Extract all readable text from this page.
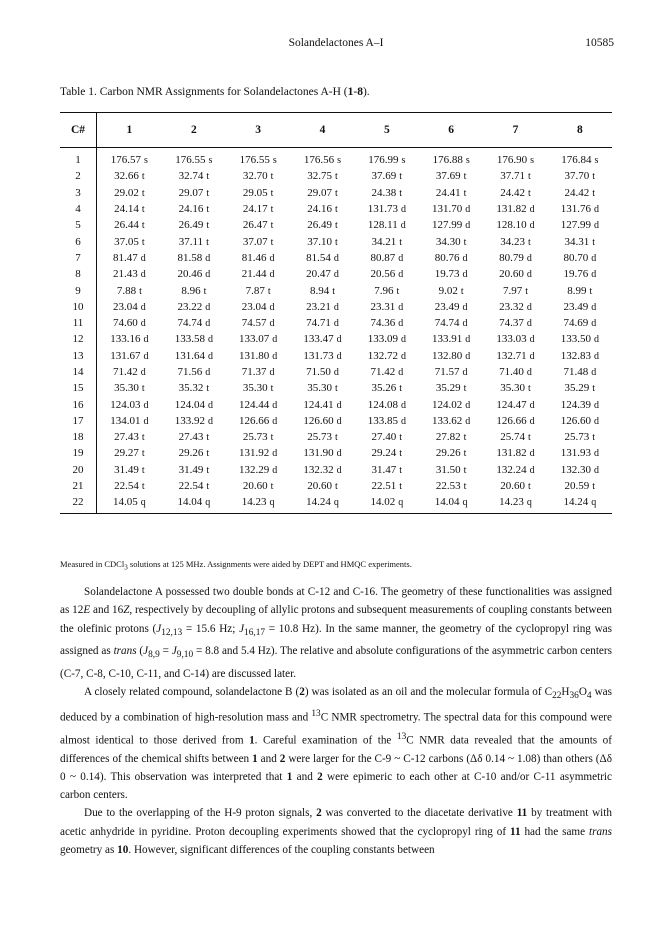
Solandelactones A–I	10585
Table 1. Carbon NMR Assignments for Solandelactones A-H (1-8).
C#	1	2	3	4	5	6	7	8
1	176.57 s	176.55 s	176.55 s	176.56 s	176.99 s	176.88 s	176.90 s	176.84 s
2	32.66 t	32.74 t	32.70 t	32.75 t	37.69 t	37.69 t	37.71 t	37.70 t
3	29.02 t	29.07 t	29.05 t	29.07 t	24.38 t	24.41 t	24.42 t	24.42 t
4	24.14 t	24.16 t	24.17 t	24.16 t	131.73 d	131.70 d	131.82 d	131.76 d
5	26.44 t	26.49 t	26.47 t	26.49 t	128.11 d	127.99 d	128.10 d	127.99 d
6	37.05 t	37.11 t	37.07 t	37.10 t	34.21 t	34.30 t	34.23 t	34.31 t
7	81.47 d	81.58 d	81.46 d	81.54 d	80.87 d	80.76 d	80.79 d	80.70 d
8	21.43 d	20.46 d	21.44 d	20.47 d	20.56 d	19.73 d	20.60 d	19.76 d
9	7.88 t	8.96 t	7.87 t	8.94 t	7.96 t	9.02 t	7.97 t	8.99 t
10	23.04 d	23.22 d	23.04 d	23.21 d	23.31 d	23.49 d	23.32 d	23.49 d
11	74.60 d	74.74 d	74.57 d	74.71 d	74.36 d	74.74 d	74.37 d	74.69 d
12	133.16 d	133.58 d	133.07 d	133.47 d	133.09 d	133.91 d	133.03 d	133.50 d
13	131.67 d	131.64 d	131.80 d	131.73 d	132.72 d	132.80 d	132.71 d	132.83 d
14	71.42 d	71.56 d	71.37 d	71.50 d	71.42 d	71.57 d	71.40 d	71.48 d
15	35.30 t	35.32 t	35.30 t	35.30 t	35.26 t	35.29 t	35.30 t	35.29 t
16	124.03 d	124.04 d	124.44 d	124.41 d	124.08 d	124.02 d	124.47 d	124.39 d
17	134.01 d	133.92 d	126.66 d	126.60 d	133.85 d	133.62 d	126.66 d	126.60 d
18	27.43 t	27.43 t	25.73 t	25.73 t	27.40 t	27.82 t	25.74 t	25.73 t
19	29.27 t	29.26 t	131.92 d	131.90 d	29.24 t	29.26 t	131.82 d	131.93 d
20	31.49 t	31.49 t	132.29 d	132.32 d	31.47 t	31.50 t	132.24 d	132.30 d
21	22.54 t	22.54 t	20.60 t	20.60 t	22.51 t	22.53 t	20.60 t	20.59 t
22	14.05 q	14.04 q	14.23 q	14.24 q	14.02 q	14.04 q	14.23 q	14.24 q
Measured in CDCl$_3$ solutions at 125 MHz. Assignments were aided by DEPT and HMQC experiments.

Solandelactone A possessed two double bonds at C-12 and C-16. The geometry of these functionalities was assigned as 12E and 16Z, respectively by decoupling of allylic protons and subsequent measurements of coupling constants between the olefinic protons ($J_{12,13} = 15.6$ Hz; $J_{16,17} = 10.8$ Hz). In the same manner, the geometry of the cyclopropyl ring was assigned as trans ($J_{8,9} = J_{9,10} = 8.8$ and 5.4 Hz). The relative and absolute configurations of the asymmetric carbon centers (C-7, C-8, C-10, C-11, and C-14) are discussed later.

A closely related compound, solandelactone B (2) was isolated as an oil and the molecular formula of $C_{22}H_{36}O_4$ was deduced by a combination of high-resolution mass and $^{13}$C NMR spectrometry. The spectral data for this compound were almost identical to those derived from 1. Careful examination of the $^{13}$C NMR data revealed that the amounts of differences of the chemical shifts between 1 and 2 were larger for the C-9 ~ C-12 carbons (Δδ 0.14 ~ 1.08) than others (Δδ 0 ~ 0.14). This observation was interpreted that 1 and 2 were epimeric to each other at C-10 and/or C-11 asymmetric carbon centers.

Due to the overlapping of the H-9 proton signals, 2 was converted to the diacetate derivative 11 by treatment with acetic anhydride in pyridine. Proton decoupling experiments showed that the cyclopropyl ring of 11 had the same trans geometry as 10. However, significant differences of the coupling constants between
